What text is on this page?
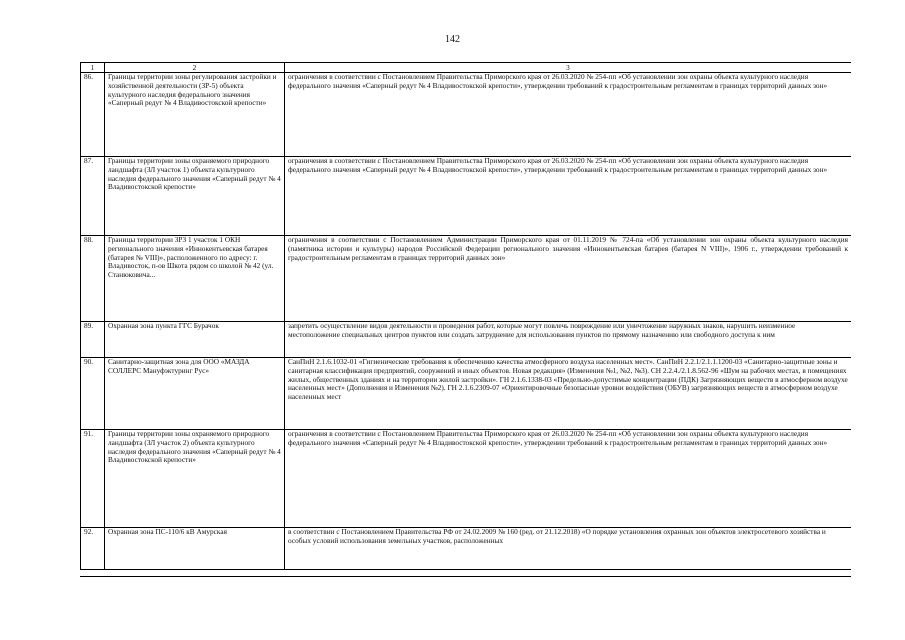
142
1	2	3
86.	Границы территории зоны регулирования застройки и хозяйственной деятельности (ЗР-5) объекта культурного наследия федерального значения «Саперный редут № 4 Владивостокской крепости»	ограничения в соответствии с Постановлением Правительства Приморского края от 26.03.2020 № 254-пп «Об установлении зон охраны объекта культурного наследия федерального значения «Саперный редут № 4 Владивостокской крепости», утверждении требований к градостроительным регламентам в границах территорий данных зон»
87.	Границы территории зоны охраняемого природного ландшафта (ЗЛ участок 1) объекта культурного наследия федерального значения «Саперный редут № 4 Владивостокской крепости»	ограничения в соответствии с Постановлением Правительства Приморского края от 26.03.2020 № 254-пп «Об установлении зон охраны объекта культурного наследия федерального значения «Саперный редут № 4 Владивостокской крепости», утверждении требований к градостроительным регламентам в границах территорий данных зон»
88.	Границы территории ЗРЗ 1 участок 1 ОКН регионального значения «Иннокентьевская батарея (батарея № VIII)», расположенного по адресу: г. Владивосток, п-ов Шкота рядом со школой № 42 (ул. Станюковича...	ограничения в соответствии с Постановлением Администрации Приморского края от 01.11.2019 № 724-па «Об установлении зон охраны объекта культурного наследия (памятника истории и культуры) народов Российской Федерации регионального значения «Иннокентьевская батарея (батарея N VIII)», 1906 г., утверждении требований к градостроительным регламентам в границах территорий данных зон»
89.	Охранная зона пункта ГГС Бурачок	запретить осуществление видов деятельности и проведения работ, которые могут повлечь повреждение или уничтожение наружных знаков, нарушить неизменное местоположение специальных центров пунктов или создать затруднение для использования пунктов по прямому назначению или свободного доступа к ним
90.	Санитарно-защитная зона для ООО «МАЗДА СОЛЛЕРС Мануфэктуринг Рус»	СанПиН 2.1.6.1032-01 «Гигиенические требования к обеспечению качества атмосферного воздуха населенных мест». СанПиН 2.2.1/2.1.1.1200-03 «Санитарно-защитные зоны и санитарная классификация предприятий, сооружений и иных объектов. Новая редакция» (Изменения №1, №2, №3). СН 2.2.4./2.1.8.562-96 «Шум на рабочих местах, в помещениях жилых, общественных зданиях и на территории жилой застройки». ГН 2.1.6.1338-03 «Предельно-допустимые концентрации (ПДК) Загрязняющих веществ в атмосферном воздухе населенных мест» (Дополнения и Изменения №2). ГН 2.1.6.2309-07 «Ориентировочные безопасные уровни воздействия (ОБУВ) загрязняющих веществ в атмосферном воздухе населенных мест
91.	Границы территории зоны охраняемого природного ландшафта (ЗЛ участок 2) объекта культурного наследия федерального значения «Саперный редут № 4 Владивостокской крепости»	ограничения в соответствии с Постановлением Правительства Приморского края от 26.03.2020 № 254-пп «Об установлении зон охраны объекта культурного наследия федерального значения «Саперный редут № 4 Владивостокской крепости», утверждении требований к градостроительным регламентам в границах территорий данных зон»
92.	Охранная зона ПС-110/6 кВ Амурская	в соответствии с Постановлением Правительства РФ от 24.02.2009 № 160 (ред. от 21.12.2018) «О порядке установления охранных зон объектов электросетевого хозяйства и особых условий использования земельных участков, расположенных
